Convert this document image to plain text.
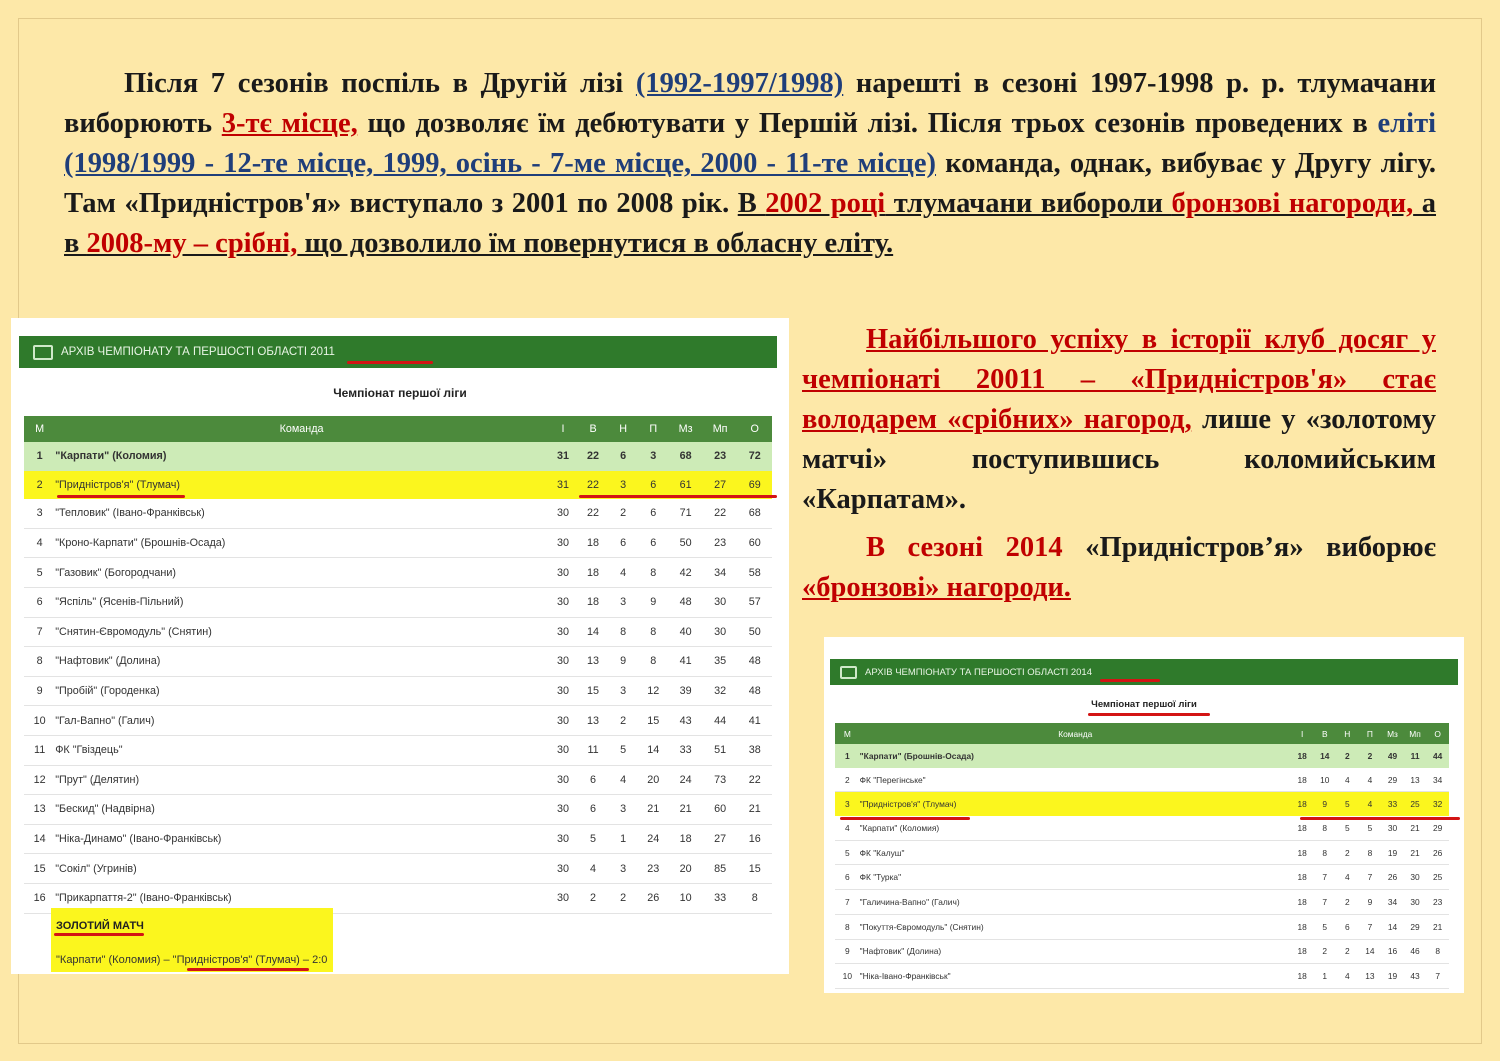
Після 7 сезонів поспіль в Другій лізі (1992-1997/1998) нарешті в сезоні 1997-1998 р. р. тлумачани виборюють 3-тє місце, що дозволяє їм дебютувати у Першій лізі. Після трьох сезонів проведених в еліті (1998/1999 - 12-те місце, 1999, осінь - 7-ме місце, 2000 - 11-те місце) команда, однак, вибуває у Другу лігу. Там «Придністров'я» виступало з 2001 по 2008 рік. В 2002 році тлумачани вибороли бронзові нагороди, а в 2008-му – срібні, що дозволило їм повернутися в обласну еліту.

Найбільшого успіху в історії клуб досяг у чемпіонаті 20011 – «Придністров'я» стає володарем «срібних» нагород, лише у «золотому матчі» поступившись коломийським «Карпатам».

В сезоні 2014 «Придністров’я» виборює «бронзові» нагороди.

АРХІВ ЧЕМПІОНАТУ ТА ПЕРШОСТІ ОБЛАСТІ 2011
Чемпіонат першої ліги
М	Команда	І	В	Н	П	Мз	Мп	О
1	"Карпати" (Коломия)	31	22	6	3	68	23	72
2	"Придністров'я" (Тлумач)	31	22	3	6	61	27	69
3	"Тепловик" (Івано-Франківськ)	30	22	2	6	71	22	68
4	"Кроно-Карпати" (Брошнів-Осада)	30	18	6	6	50	23	60
5	"Газовик" (Богородчани)	30	18	4	8	42	34	58
6	"Яспіль" (Ясенів-Пільний)	30	18	3	9	48	30	57
7	"Снятин-Євромодуль" (Снятин)	30	14	8	8	40	30	50
8	"Нафтовик" (Долина)	30	13	9	8	41	35	48
9	"Пробій" (Городенка)	30	15	3	12	39	32	48
10	"Гал-Вапно" (Галич)	30	13	2	15	43	44	41
11	ФК "Гвіздець"	30	11	5	14	33	51	38
12	"Прут" (Делятин)	30	6	4	20	24	73	22
13	"Бескид" (Надвірна)	30	6	3	21	21	60	21
14	"Ніка-Динамо" (Івано-Франківськ)	30	5	1	24	18	27	16
15	"Сокіл" (Угринів)	30	4	3	23	20	85	15
16	"Прикарпаття-2" (Івано-Франківськ)	30	2	2	26	10	33	8
ЗОЛОТИЙ МАТЧ
"Карпати" (Коломия) – "Придністров'я" (Тлумач) – 2:0
АРХІВ ЧЕМПІОНАТУ ТА ПЕРШОСТІ ОБЛАСТІ 2014
Чемпіонат першої ліги
М	Команда	І	В	Н	П	Мз	Мп	О
1	"Карпати" (Брошнів-Осада)	18	14	2	2	49	11	44
2	ФК "Перегінське"	18	10	4	4	29	13	34
3	"Придністров'я" (Тлумач)	18	9	5	4	33	25	32
4	"Карпати" (Коломия)	18	8	5	5	30	21	29
5	ФК "Калуш"	18	8	2	8	19	21	26
6	ФК "Турка"	18	7	4	7	26	30	25
7	"Галичина-Вапно" (Галич)	18	7	2	9	34	30	23
8	"Покуття-Євромодуль" (Снятин)	18	5	6	7	14	29	21
9	"Нафтовик" (Долина)	18	2	2	14	16	46	8
10	"Ніка-Івано-Франківськ"	18	1	4	13	19	43	7
